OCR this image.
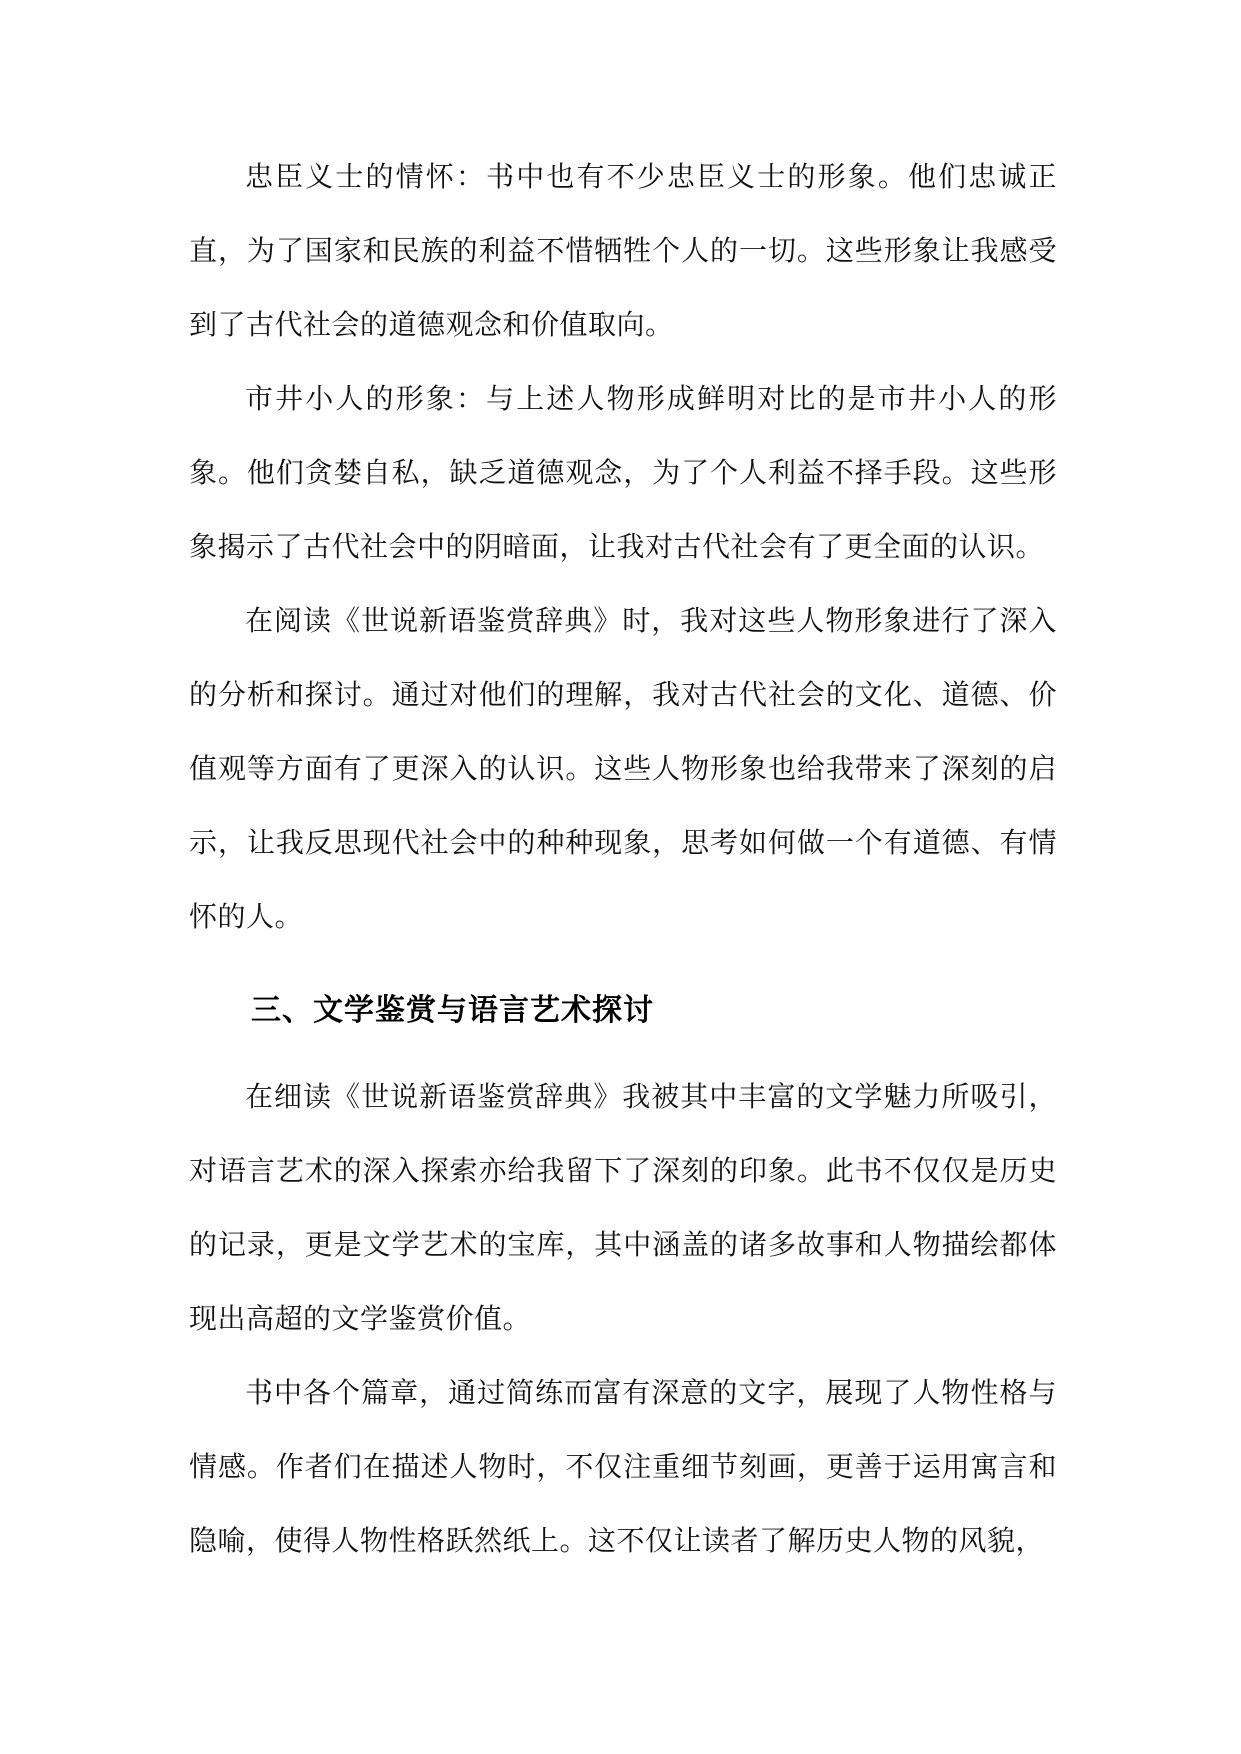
忠臣义士的情怀：书中也有不少忠臣义士的形象。他们忠诚正直，为了国家和民族的利益不惜牺牲个人的一切。这些形象让我感受到了古代社会的道德观念和价值取向。

市井小人的形象：与上述人物形成鲜明对比的是市井小人的形象。他们贪婪自私，缺乏道德观念，为了个人利益不择手段。这些形象揭示了古代社会中的阴暗面，让我对古代社会有了更全面的认识。

在阅读《世说新语鉴赏辞典》时，我对这些人物形象进行了深入的分析和探讨。通过对他们的理解，我对古代社会的文化、道德、价值观等方面有了更深入的认识。这些人物形象也给我带来了深刻的启示，让我反思现代社会中的种种现象，思考如何做一个有道德、有情怀的人。

三、文学鉴赏与语言艺术探讨

在细读《世说新语鉴赏辞典》我被其中丰富的文学魅力所吸引，对语言艺术的深入探索亦给我留下了深刻的印象。此书不仅仅是历史的记录，更是文学艺术的宝库，其中涵盖的诸多故事和人物描绘都体现出高超的文学鉴赏价值。

书中各个篇章，通过简练而富有深意的文字，展现了人物性格与情感。作者们在描述人物时，不仅注重细节刻画，更善于运用寓言和隐喻，使得人物性格跃然纸上。这不仅让读者了解历史人物的风貌，
